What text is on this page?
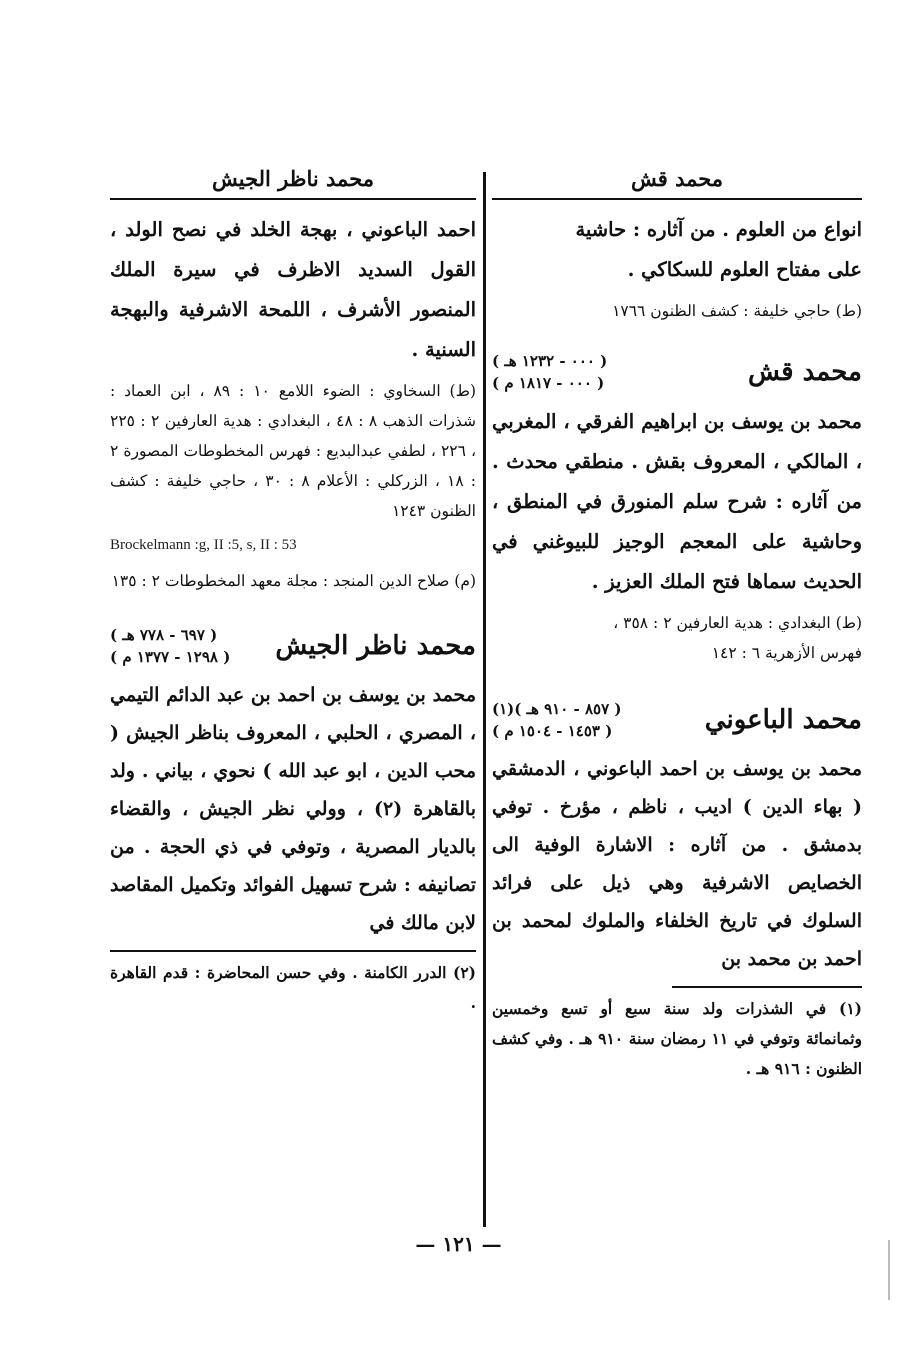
محمد قش

انواع من العلوم . من آثاره : حاشية

على مفتاح العلوم للسكاكي .

(ط) حاجي خليفة : كشف الظنون ١٧٦٦

محمد قش
( ٠٠٠ - ١٢٣٢ هـ )
( ٠٠٠ - ١٨١٧ م )

محمد بن يوسف بن ابراهيم الفرقي ، المغربي ، المالكي ، المعروف بقش . منطقي محدث . من آثاره : شرح سلم المنورق في المنطق ، وحاشية على المعجم الوجيز للبيوغني في الحديث سماها فتح الملك العزيز .

(ط) البغدادي : هدية العارفين ٢ : ٣٥٨ ،

فهرس الأزهرية ٦ : ١٤٢

محمد الباعوني
( ٨٥٧ - ٩١٠ هـ )(١)
( ١٤٥٣ - ١٥٠٤ م )

محمد بن يوسف بن احمد الباعوني ، الدمشقي ( بهاء الدين ) اديب ، ناظم ، مؤرخ . توفي بدمشق . من آثاره : الاشارة الوفية الى الخصايص الاشرفية وهي ذيل على فرائد السلوك في تاريخ الخلفاء والملوك لمحمد بن احمد بن محمد بن

(١) في الشذرات ولد سنة سبع أو تسع وخمسين وثمانمائة وتوفي في ١١ رمضان سنة ٩١٠ هـ . وفي كشف الظنون : ٩١٦ هـ .

محمد ناظر الجيش

احمد الباعوني ، بهجة الخلد في نصح الولد ، القول السديد الاظرف في سيرة الملك المنصور الأشرف ، اللمحة الاشرفية والبهجة السنية .

(ط) السخاوي : الضوء اللامع ١٠ : ٨٩ ، ابن العماد : شذرات الذهب ٨ : ٤٨ ، البغدادي : هدية العارفين ٢ : ٢٢٥ ، ٢٢٦ ، لطفي عبدالبديع : فهرس المخطوطات المصورة ٢ : ١٨ ، الزركلي : الأعلام ٨ : ٣٠ ، حاجي خليفة : كشف الظنون ١٢٤٣

Brockelmann :g, II :5, s, II : 53

(م) صلاح الدين المنجد : مجلة معهد المخطوطات ٢ : ١٣٥

محمد ناظر الجيش
( ٦٩٧ - ٧٧٨ هـ )
( ١٢٩٨ - ١٣٧٧ م )

محمد بن يوسف بن احمد بن عبد الدائم التيمي ، المصري ، الحلبي ، المعروف بناظر الجيش ( محب الدين ، ابو عبد الله ) نحوي ، بياني . ولد بالقاهرة (٢) ، وولي نظر الجيش ، والقضاء بالديار المصرية ، وتوفي في ذي الحجة . من تصانيفه : شرح تسهيل الفوائد وتكميل المقاصد لابن مالك في

(٢) الدرر الكامنة . وفي حسن المحاضرة : قدم القاهرة .

— ١٢١ —
